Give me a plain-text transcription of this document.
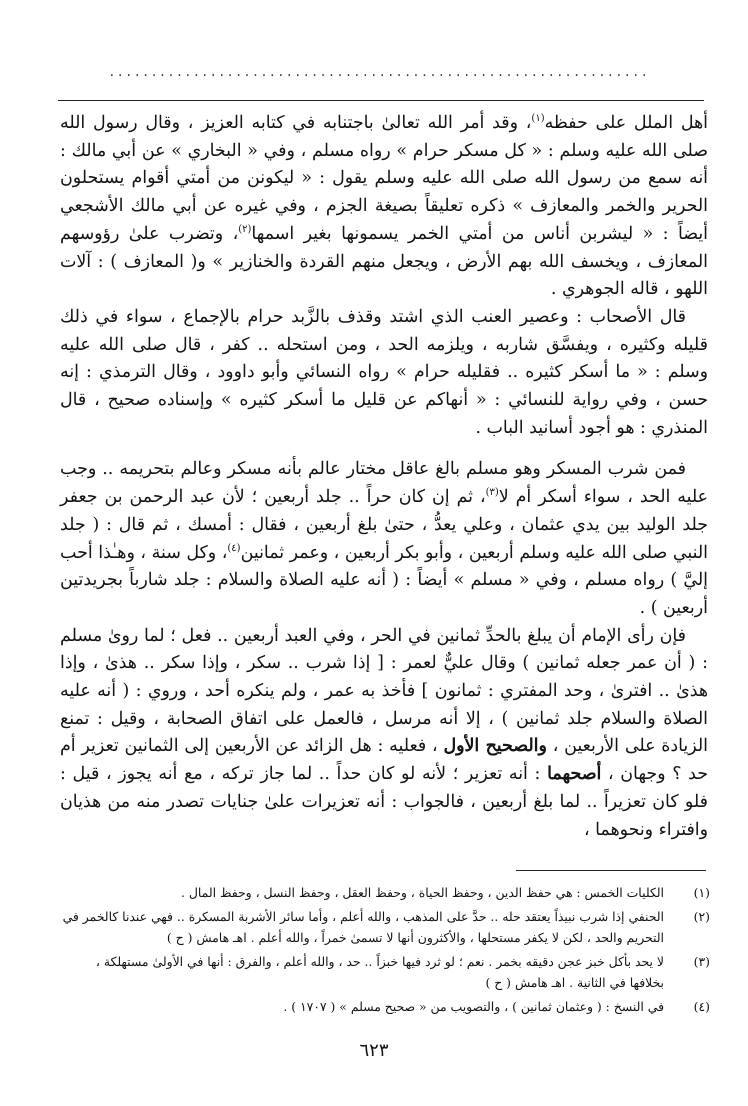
................................................................

أهل الملل على حفظه$^{(١)}$، وقد أمر الله تعالىٰ باجتنابه في كتابه العزيز ، وقال رسول الله صلى الله عليه وسلم : « كل مسكر حرام » رواه مسلم ، وفي « البخاري » عن أبي مالك : أنه سمع من رسول الله صلى الله عليه وسلم يقول : « ليكونن من أمتي أقوام يستحلون الحرير والخمر والمعازف » ذكره تعليقاً بصيغة الجزم ، وفي غيره عن أبي مالك الأشجعي أيضاً : « ليشربن أناس من أمتي الخمر يسمونها بغير اسمها$^{(٢)}$، وتضرب علىٰ رؤوسهم المعازف ، ويخسف الله بهم الأرض ، ويجعل منهم القردة والخنازير » و( المعازف ) : آلات اللهو ، قاله الجوهري .

قال الأصحاب : وعصير العنب الذي اشتد وقذف بالزَّبد حرام بالإجماع ، سواء في ذلك قليله وكثيره ، ويفسَّق شاربه ، ويلزمه الحد ، ومن استحله .. كفر ، قال صلى الله عليه وسلم : « ما أسكر كثيره .. فقليله حرام » رواه النسائي وأبو داوود ، وقال الترمذي : إنه حسن ، وفي رواية للنسائي : « أنهاكم عن قليل ما أسكر كثيره » وإسناده صحيح ، قال المنذري : هو أجود أسانيد الباب .

فمن شرب المسكر وهو مسلم بالغ عاقل مختار عالم بأنه مسكر وعالم بتحريمه .. وجب عليه الحد ، سواء أسكر أم لا$^{(٣)}$، ثم إن كان حراً .. جلد أربعين ؛ لأن عبد الرحمن بن جعفر جلد الوليد بين يدي عثمان ، وعلي يعدُّ ، حتىٰ بلغ أربعين ، فقال : أمسك ، ثم قال : ( جلد النبي صلى الله عليه وسلم أربعين ، وأبو بكر أربعين ، وعمر ثمانين$^{(٤)}$، وكل سنة ، وهـٰذا أحب إليَّ ) رواه مسلم ، وفي « مسلم » أيضاً : ( أنه عليه الصلاة والسلام : جلد شارباً بجريدتين أربعين ) .

فإن رأى الإمام أن يبلغ بالحدِّ ثمانين في الحر ، وفي العبد أربعين .. فعل ؛ لما روىٰ مسلم : ( أن عمر جعله ثمانين ) وقال عليٌّ لعمر : [ إذا شرب .. سكر ، وإذا سكر .. هذىٰ ، وإذا هذىٰ .. افترىٰ ، وحد المفتري : ثمانون ] فأخذ به عمر ، ولم ينكره أحد ، وروي : ( أنه عليه الصلاة والسلام جلد ثمانين ) ، إلا أنه مرسل ، فالعمل على اتفاق الصحابة ، وقيل : تمنع الزيادة على الأربعين ، والصحيح الأول ، فعليه : هل الزائد عن الأربعين إلى الثمانين تعزير أم حد ؟ وجهان ، أصحهما : أنه تعزير ؛ لأنه لو كان حداً .. لما جاز تركه ، مع أنه يجوز ، قيل : فلو كان تعزيراً .. لما بلغ أربعين ، فالجواب : أنه تعزيرات علىٰ جنايات تصدر منه من هذيان وافتراء ونحوهما ،

(١)
الكليات الخمس : هي حفظ الدين ، وحفظ الحياة ، وحفظ العقل ، وحفظ النسل ، وحفظ المال .
(٢)
الحنفي إذا شرب نبيذاً يعتقد حله .. حدَّ على المذهب ، والله أعلم ، وأما سائر الأشربة المسكرة .. فهي عندنا كالخمر في التحريم والحد ، لكن لا يكفر مستحلها ، والأكثرون أنها لا تسمىٰ خمراً ، والله أعلم . اهـ هامش ( ح )
(٣)
لا يحد بأكل خبز عجن دقيقه بخمر . نعم ؛ لو ثرد فيها خبزاً .. حد ، والله أعلم ، والفرق : أنها في الأولىٰ مستهلكة ، بخلافها في الثانية . اهـ هامش ( ح )
(٤)
في النسخ : ( وعثمان ثمانين ) ، والتصويب من « صحيح مسلم » ( ١٧٠٧ ) .
٦٢٣
